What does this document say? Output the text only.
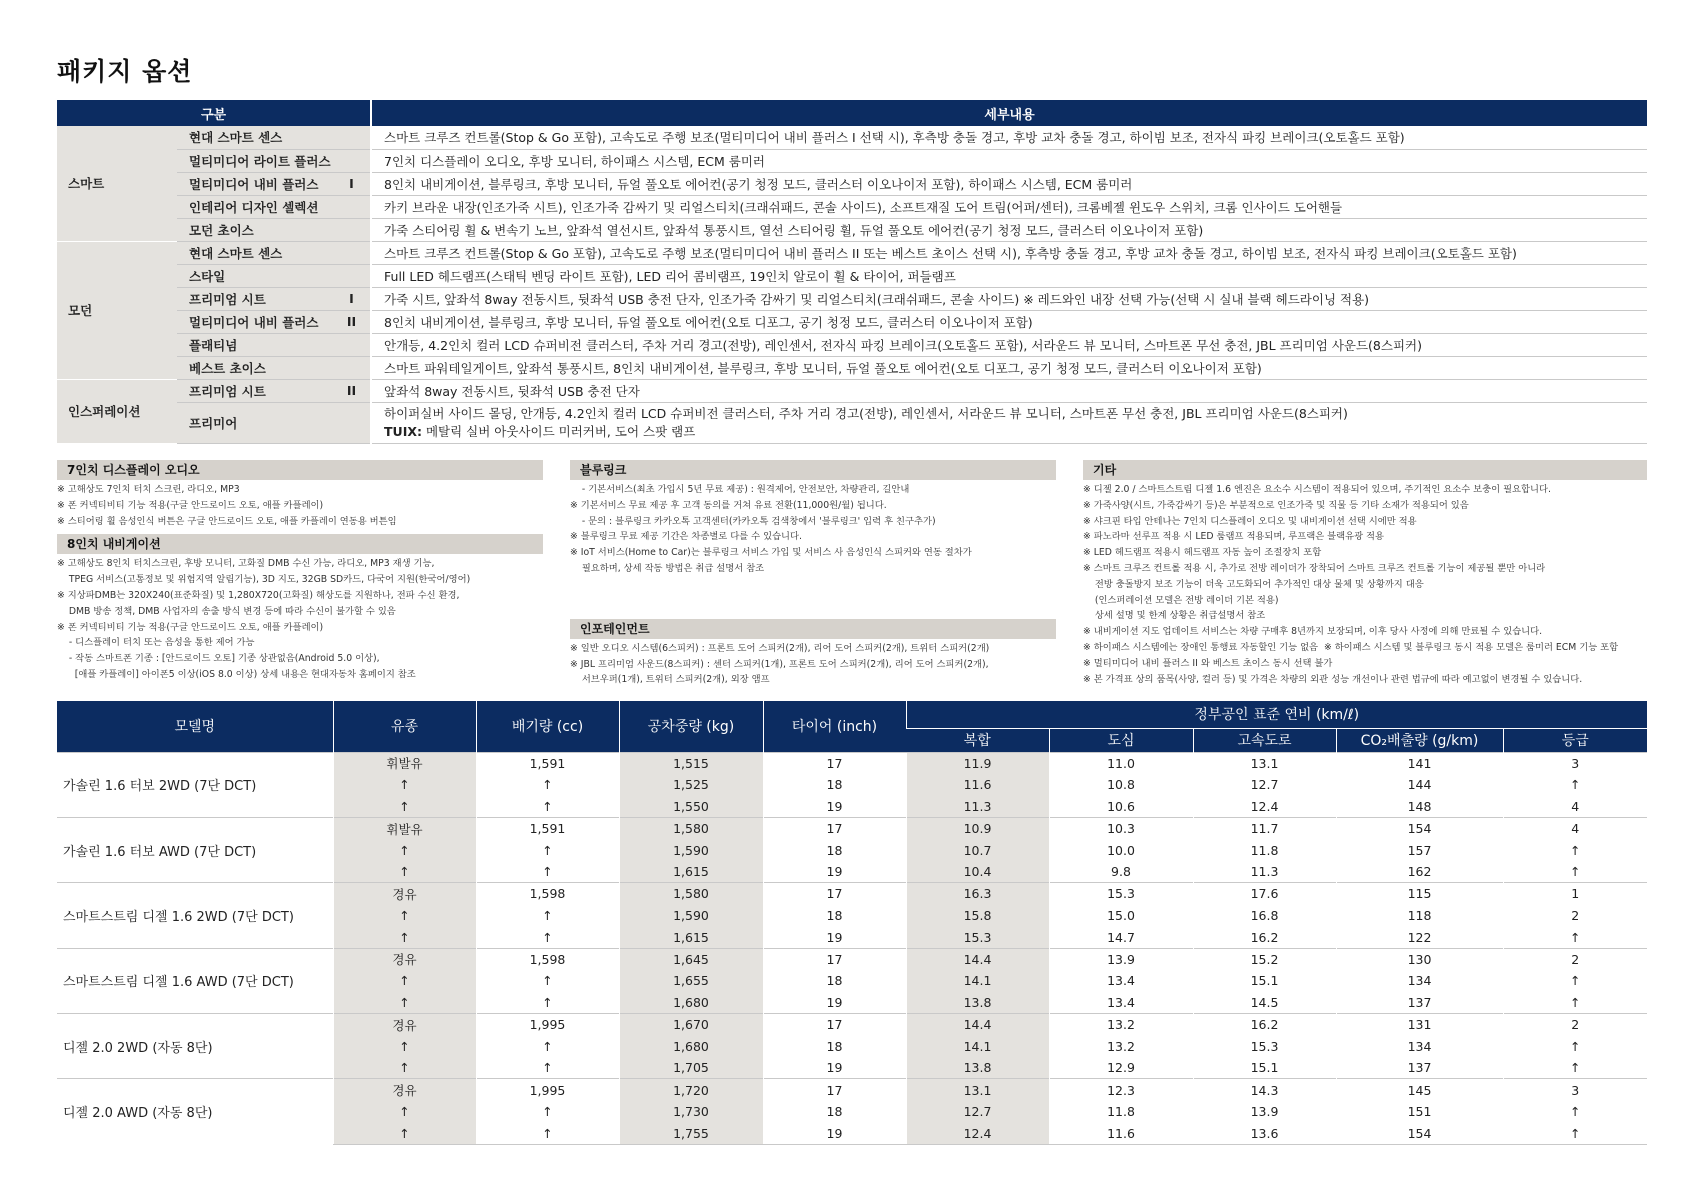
패키지 옵션
구분			세부내용
스마트	현대 스마트 센스		스마트 크루즈 컨트롤(Stop & Go 포함), 고속도로 주행 보조(멀티미디어 내비 플러스 I 선택 시), 후측방 충돌 경고, 후방 교차 충돌 경고, 하이빔 보조, 전자식 파킹 브레이크(오토홀드 포함)
	멀티미디어 라이트 플러스		7인치 디스플레이 오디오, 후방 모니터, 하이패스 시스템, ECM 룸미러
	멀티미디어 내비 플러스	I	8인치 내비게이션, 블루링크, 후방 모니터, 듀얼 풀오토 에어컨(공기 청정 모드, 클러스터 이오나이저 포함), 하이패스 시스템, ECM 룸미러
	인테리어 디자인 셀렉션		카키 브라운 내장(인조가죽 시트), 인조가죽 감싸기 및 리얼스티치(크래쉬패드, 콘솔 사이드), 소프트재질 도어 트림(어퍼/센터), 크롬베젤 윈도우 스위치, 크롬 인사이드 도어핸들
	모던 초이스		가죽 스티어링 휠 & 변속기 노브, 앞좌석 열선시트, 앞좌석 통풍시트, 열선 스티어링 휠, 듀얼 풀오토 에어컨(공기 청정 모드, 클러스터 이오나이저 포함)
모던	현대 스마트 센스		스마트 크루즈 컨트롤(Stop & Go 포함), 고속도로 주행 보조(멀티미디어 내비 플러스 II 또는 베스트 초이스 선택 시), 후측방 충돌 경고, 후방 교차 충돌 경고, 하이빔 보조, 전자식 파킹 브레이크(오토홀드 포함)
	스타일		Full LED 헤드램프(스태틱 벤딩 라이트 포함), LED 리어 콤비램프, 19인치 알로이 휠 & 타이어, 퍼들램프
	프리미엄 시트	I	가죽 시트, 앞좌석 8way 전동시트, 뒷좌석 USB 충전 단자, 인조가죽 감싸기 및 리얼스티치(크래쉬패드, 콘솔 사이드) ※ 레드와인 내장 선택 가능(선택 시 실내 블랙 헤드라이닝 적용)
	멀티미디어 내비 플러스	II	8인치 내비게이션, 블루링크, 후방 모니터, 듀얼 풀오토 에어컨(오토 디포그, 공기 청정 모드, 클러스터 이오나이저 포함)
	플래티넘		안개등, 4.2인치 컬러 LCD 슈퍼비전 클러스터, 주차 거리 경고(전방), 레인센서, 전자식 파킹 브레이크(오토홀드 포함), 서라운드 뷰 모니터, 스마트폰 무선 충전, JBL 프리미엄 사운드(8스피커)
	베스트 초이스		스마트 파워테일게이트, 앞좌석 통풍시트, 8인치 내비게이션, 블루링크, 후방 모니터, 듀얼 풀오토 에어컨(오토 디포그, 공기 청정 모드, 클러스터 이오나이저 포함)
인스퍼레이션	프리미엄 시트	II	앞좌석 8way 전동시트, 뒷좌석 USB 충전 단자
	프리미어		하이퍼실버 사이드 몰딩, 안개등, 4.2인치 컬러 LCD 슈퍼비전 클러스터, 주차 거리 경고(전방), 레인센서, 서라운드 뷰 모니터, 스마트폰 무선 충전, JBL 프리미엄 사운드(8스피커)
TUIX: 메탈릭 실버 아웃사이드 미러커버, 도어 스팟 램프
7인치 디스플레이 오디오
※ 고해상도 7인치 터치 스크린, 라디오, MP3
※ 폰 커넥티비티 기능 적용(구글 안드로이드 오토, 애플 카플레이)
※ 스티어링 휠 음성인식 버튼은 구글 안드로이드 오토, 애플 카플레이 연동용 버튼임
8인치 내비게이션
※ 고해상도 8인치 터치스크린, 후방 모니터, 고화질 DMB 수신 가능, 라디오, MP3 재생 기능,
TPEG 서비스(고통정보 및 위험지역 알림기능), 3D 지도, 32GB SD카드, 다국어 지원(한국어/영어)
※ 지상파DMB는 320X240(표준화질) 및 1,280X720(고화질) 해상도를 지원하나, 전파 수신 환경,
DMB 방송 정책, DMB 사업자의 송출 방식 변경 등에 따라 수신이 불가할 수 있음
※ 폰 커넥티비티 기능 적용(구글 안드로이드 오토, 애플 카플레이)
- 디스플레이 터치 또는 음성을 통한 제어 가능
- 작동 스마트폰 기종 : [안드로이드 오토] 기종 상관없음(Android 5.0 이상),
[애플 카플레이] 아이폰5 이상(iOS 8.0 이상) 상세 내용은 현대자동차 홈페이지 참조
블루링크
- 기본서비스(최초 가입시 5년 무료 제공) : 원격제어, 안전보안, 차량관리, 길안내
※ 기본서비스 무료 제공 후 고객 동의를 거쳐 유료 전환(11,000원/월) 됩니다.
- 문의 : 블루링크 카카오톡 고객센터(카카오톡 검색창에서 '블루링크' 입력 후 친구추가)
※ 블루링크 무료 제공 기간은 차종별로 다를 수 있습니다.
※ IoT 서비스(Home to Car)는 블루링크 서비스 가입 및 서비스 사 음성인식 스피커와 연동 절차가
필요하며, 상세 작동 방법은 취급 설명서 참조
인포테인먼트
※ 일반 오디오 시스템(6스피커) : 프론트 도어 스피커(2개), 리어 도어 스피커(2개), 트위터 스피커(2개)
※ JBL 프리미엄 사운드(8스피커) : 센터 스피커(1개), 프론트 도어 스피커(2개), 리어 도어 스피커(2개),
서브우퍼(1개), 트위터 스피커(2개), 외장 앰프
기타
※ 디젤 2.0 / 스마트스트림 디젤 1.6 엔진은 요소수 시스템이 적용되어 있으며, 주기적인 요소수 보충이 필요합니다.
※ 가죽사양(시트, 가죽감싸기 등)은 부분적으로 인조가죽 및 직물 등 기타 소재가 적용되어 있음
※ 샤크핀 타입 안테나는 7인치 디스플레이 오디오 및 내비게이션 선택 시에만 적용
※ 파노라마 선루프 적용 시 LED 룸램프 적용되며, 루프랙은 블랙유광 적용
※ LED 헤드램프 적용시 헤드램프 자동 높이 조절장치 포함
※ 스마트 크루즈 컨트롤 적용 시, 추가로 전방 레이더가 장착되어 스마트 크루즈 컨트롤 기능이 제공될 뿐만 아니라
전방 충돌방지 보조 기능이 더욱 고도화되어 추가적인 대상 물체 및 상황까지 대응
(인스퍼레이션 모델은 전방 레이더 기본 적용)
상세 설명 및 한계 상황은 취급설명서 참조
※ 내비게이션 지도 업데이트 서비스는 차량 구매후 8년까지 보장되며, 이후 당사 사정에 의해 만료될 수 있습니다.
※ 하이패스 시스템에는 장애인 통행료 자동할인 기능 없음  ※ 하이패스 시스템 및 블루링크 동시 적용 모델은 룸미러 ECM 기능 포함
※ 멀티미디어 내비 플러스 II 와 베스트 초이스 동시 선택 불가
※ 본 가격표 상의 품목(사양, 컬러 등) 및 가격은 차량의 외관 성능 개선이나 관련 법규에 따라 예고없이 변경될 수 있습니다.
모델명	유종	배기량 (cc)	공차중량 (kg)	타이어 (inch)	정부공인 표준 연비 (km/ℓ)				
					복합	도심	고속도로	CO₂배출량 (g/km)	등급
가솔린 1.6 터보 2WD (7단 DCT)	휘발유	1,591	1,515	17	11.9	11.0	13.1	141	3
	↑	↑	1,525	18	11.6	10.8	12.7	144	↑
	↑	↑	1,550	19	11.3	10.6	12.4	148	4
가솔린 1.6 터보 AWD (7단 DCT)	휘발유	1,591	1,580	17	10.9	10.3	11.7	154	4
	↑	↑	1,590	18	10.7	10.0	11.8	157	↑
	↑	↑	1,615	19	10.4	9.8	11.3	162	↑
스마트스트림 디젤 1.6 2WD (7단 DCT)	경유	1,598	1,580	17	16.3	15.3	17.6	115	1
	↑	↑	1,590	18	15.8	15.0	16.8	118	2
	↑	↑	1,615	19	15.3	14.7	16.2	122	↑
스마트스트림 디젤 1.6 AWD (7단 DCT)	경유	1,598	1,645	17	14.4	13.9	15.2	130	2
	↑	↑	1,655	18	14.1	13.4	15.1	134	↑
	↑	↑	1,680	19	13.8	13.4	14.5	137	↑
디젤 2.0 2WD (자동 8단)	경유	1,995	1,670	17	14.4	13.2	16.2	131	2
	↑	↑	1,680	18	14.1	13.2	15.3	134	↑
	↑	↑	1,705	19	13.8	12.9	15.1	137	↑
디젤 2.0 AWD (자동 8단)	경유	1,995	1,720	17	13.1	12.3	14.3	145	3
	↑	↑	1,730	18	12.7	11.8	13.9	151	↑
	↑	↑	1,755	19	12.4	11.6	13.6	154	↑
